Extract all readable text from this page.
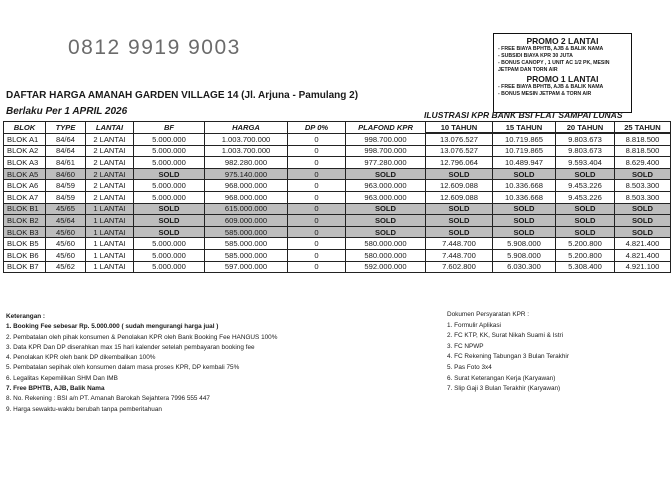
0812 9919 9003	PROMO 2 LANTAI
- FREE BIAYA BPHTB, AJB & BALIK NAMA
- SUBSIDI BIAYA KPR 30 JUTA
- BONUS CANOPY , 1 UNIT AC 1/2 PK, MESIN
JETPAM DAN TORN AIR
PROMO 1 LANTAI
- FREE BIAYA BPHTB, AJB & BALIK NAMA
- BONUS MESIN JETPAM & TORN AIR
DAFTAR HARGA AMANAH GARDEN VILLAGE 14 (Jl. Arjuna - Pamulang 2)
Berlaku Per 1 APRIL 2026	ILUSTRASI KPR BANK BSI FLAT SAMPAI LUNAS
BLOK	TYPE	LANTAI	BF	HARGA	DP 0%	PLAFOND KPR	10 TAHUN	15 TAHUN	20 TAHUN	25 TAHUN

BLOK A1	84/64	2 LANTAI	5.000.000	1.003.700.000	0	998.700.000	13.076.527	10.719.865	9.803.673	8.818.500
BLOK A2	84/64	2 LANTAI	5.000.000	1.003.700.000	0	998.700.000	13.076.527	10.719.865	9.803.673	8.818.500
BLOK A3	84/61	2 LANTAI	5.000.000	982.280.000	0	977.280.000	12.796.064	10.489.947	9.593.404	8.629.400
BLOK A5	84/60	2 LANTAI	SOLD	975.140.000	0	SOLD	SOLD	SOLD	SOLD	SOLD
BLOK A6	84/59	2 LANTAI	5.000.000	968.000.000	0	963.000.000	12.609.088	10.336.668	9.453.226	8.503.300
BLOK A7	84/59	2 LANTAI	5.000.000	968.000.000	0	963.000.000	12.609.088	10.336.668	9.453.226	8.503.300
BLOK B1	45/65	1 LANTAI	SOLD	615.000.000	0	SOLD	SOLD	SOLD	SOLD	SOLD
BLOK B2	45/64	1 LANTAI	SOLD	609.000.000	0	SOLD	SOLD	SOLD	SOLD	SOLD
BLOK B3	45/60	1 LANTAI	SOLD	585.000.000	0	SOLD	SOLD	SOLD	SOLD	SOLD
BLOK B5	45/60	1 LANTAI	5.000.000	585.000.000	0	580.000.000	7.448.700	5.908.000	5.200.800	4.821.400
BLOK B6	45/60	1 LANTAI	5.000.000	585.000.000	0	580.000.000	7.448.700	5.908.000	5.200.800	4.821.400
BLOK B7	45/62	1 LANTAI	5.000.000	597.000.000	0	592.000.000	7.602.800	6.030.300	5.308.400	4.921.100
Keterangan :
1. Booking Fee sebesar Rp. 5.000.000 ( sudah mengurangi harga jual )
2. Pembatalan oleh pihak konsumen & Penolakan KPR oleh Bank Booking Fee HANGUS 100%
3. Data KPR Dan DP diserahkan max 15 hari kalender setelah pembayaran booking fee
4. Penolakan KPR oleh bank DP dikembalikan 100%
5. Pembatalan sepihak oleh konsumen dalam masa proses KPR, DP kembali 75%
6. Legalitas Kepemilikan SHM Dan IMB
7. Free BPHTB, AJB, Balik Nama
8. No. Rekening : BSI a/n PT. Amanah Barokah Sejahtera 7996 555 447
9. Harga sewaktu-waktu berubah tanpa pemberitahuan
Dokumen Persyaratan KPR :
1. Formulir Aplikasi
2. FC KTP, KK, Surat Nikah Suami & Istri
3. FC NPWP
4. FC Rekening Tabungan 3 Bulan Terakhir
5. Pas Foto 3x4
6. Surat Keterangan Kerja (Karyawan)
7. Slip Gaji 3 Bulan Terakhir (Karyawan)
